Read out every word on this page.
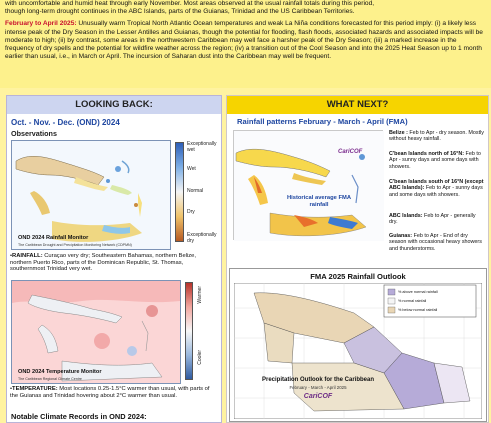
with uncomfortable and humid heat through early November. Most areas observed at the usual rainfall totals during this period,

though long-term drought continues in the ABC Islands, parts of the Guianas, Trinidad and the US Caribbean Territories.

February to April 2025: Unusually warm Tropical North Atlantic Ocean temperatures and weak La Niña conditions forecasted for this period imply: (i) a likely less intense peak of the Dry Season in the Lesser Antilles and Guianas, though the potential for flooding, flash floods, associated hazards and associated impacts will be moderate to high; (ii) by contrast, some areas in the northwestern Caribbean may well face a harsher peak of the Dry Season; (iii) a marked increase in the frequency of dry spells and the potential for wildfire weather across the region; (iv) a transition out of the Cool Season and into the 2025 Heat Season up to 1 month earlier than usual, i.e., in March or April. The incursion of Saharan dust into the Caribbean may well be frequent.

LOOKING BACK:
Oct. - Nov. - Dec. (OND) 2024
Observations
OND 2024 Rainfall Monitor
The Caribbean Drought and Precipitation Monitoring Network (CDPMN)
Exceptionally wet
Wet
Normal
Dry
Exceptionally dry
•RAINFALL: Curaçao very dry; Southeastern Bahamas, northern Belize, northern Puerto Rico, parts of the Dominican Republic, St. Thomas, southernmost Trinidad very wet.
OND 2024 Temperature Monitor
The Caribbean Regional Climate Centre
Warmer
Cooler
•TEMPERATURE: Most locations 0.25-1.5°C warmer than usual, with parts of the Guianas and Trinidad hovering about 2°C warmer than usual.
Notable Climate Records in OND 2024:
WHAT NEXT?
Rainfall patterns February - March - April (FMA)
CariCOF
Historical average FMA rainfall
Belize : Feb to Apr - dry season. Mostly without heavy rainfall.
C'bean Islands north of 16°N: Feb to Apr - sunny days and some days with showers.
C'bean Islands south of 16°N (except ABC Islands): Feb to Apr - sunny days and some days with showers.
ABC Islands: Feb to Apr - generally dry.
Guianas: Feb to Apr - End of dry season with occasional heavy showers and thunderstorms.
FMA 2025 Rainfall Outlook
% above normal rainfall
% normal rainfall
% below normal rainfall
Precipitation Outlook for the Caribbean
February - March - April 2025
CariCOF
